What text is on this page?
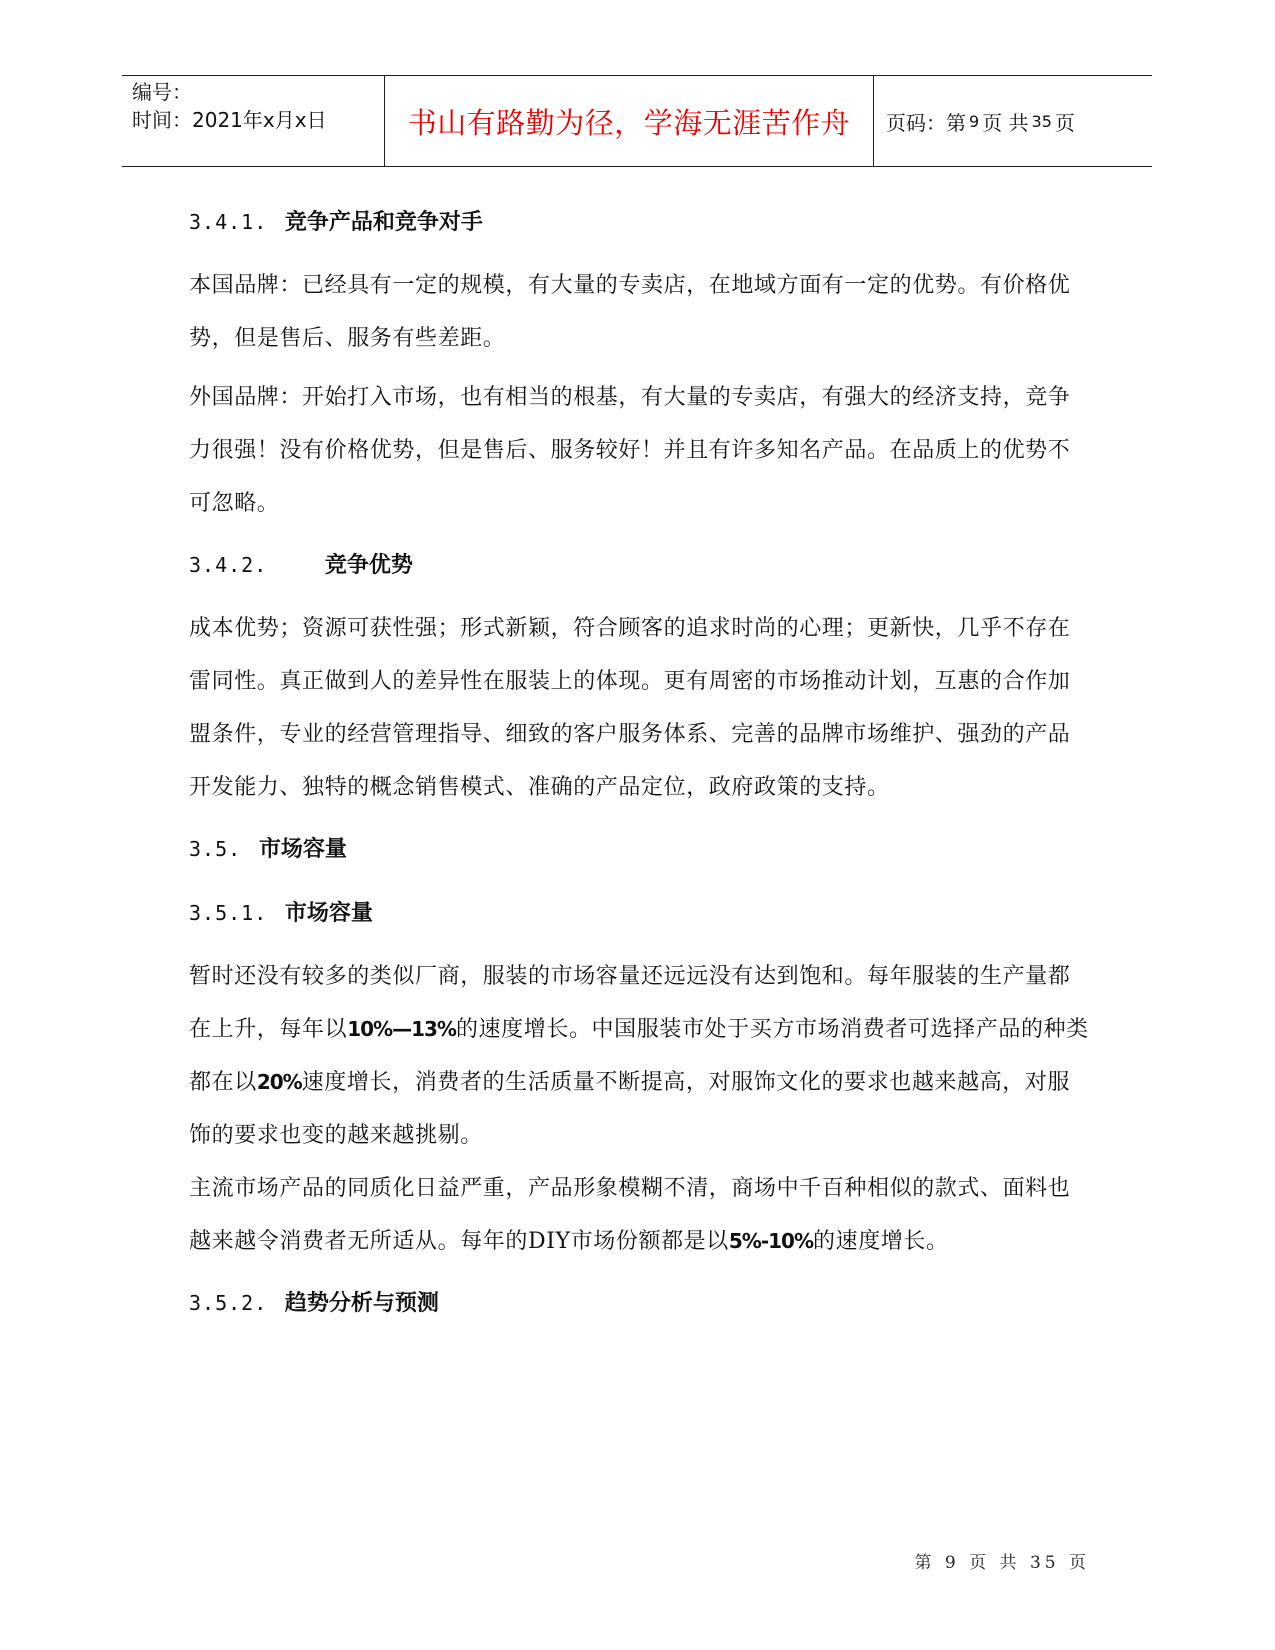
编号：
时间：2021年x月x日	书山有路勤为径，学海无涯苦作舟 页码：第 9 页 共 35 页
3.4.1. 竞争产品和竞争对手

本国品牌：已经具有一定的规模，有大量的专卖店，在地域方面有一定的优势。有价格优势，但是售后、服务有些差距。

外国品牌：开始打入市场，也有相当的根基，有大量的专卖店，有强大的经济支持，竞争力很强！没有价格优势，但是售后、服务较好！并且有许多知名产品。在品质上的优势不可忽略。

3.4.2.	竞争优势

成本优势；资源可获性强；形式新颖，符合顾客的追求时尚的心理；更新快，几乎不存在雷同性。真正做到人的差异性在服装上的体现。更有周密的市场推动计划，互惠的合作加盟条件，专业的经营管理指导、细致的客户服务体系、完善的品牌市场维护、强劲的产品开发能力、独特的概念销售模式、准确的产品定位，政府政策的支持。

3.5. 市场容量
3.5.1. 市场容量

暂时还没有较多的类似厂商，服装的市场容量还远远没有达到饱和。每年服装的生产量都在上升，每年以10%—13%的速度增长。中国服装市处于买方市场消费者可选择产品的种类都在以20%速度增长，消费者的生活质量不断提高，对服饰文化的要求也越来越高，对服饰的要求也变的越来越挑剔。

主流市场产品的同质化日益严重，产品形象模糊不清，商场中千百种相似的款式、面料也越来越令消费者无所适从。每年的DIY市场份额都是以5%-10%的速度增长。

3.5.2. 趋势分析与预测
第 9 页 共 35 页
